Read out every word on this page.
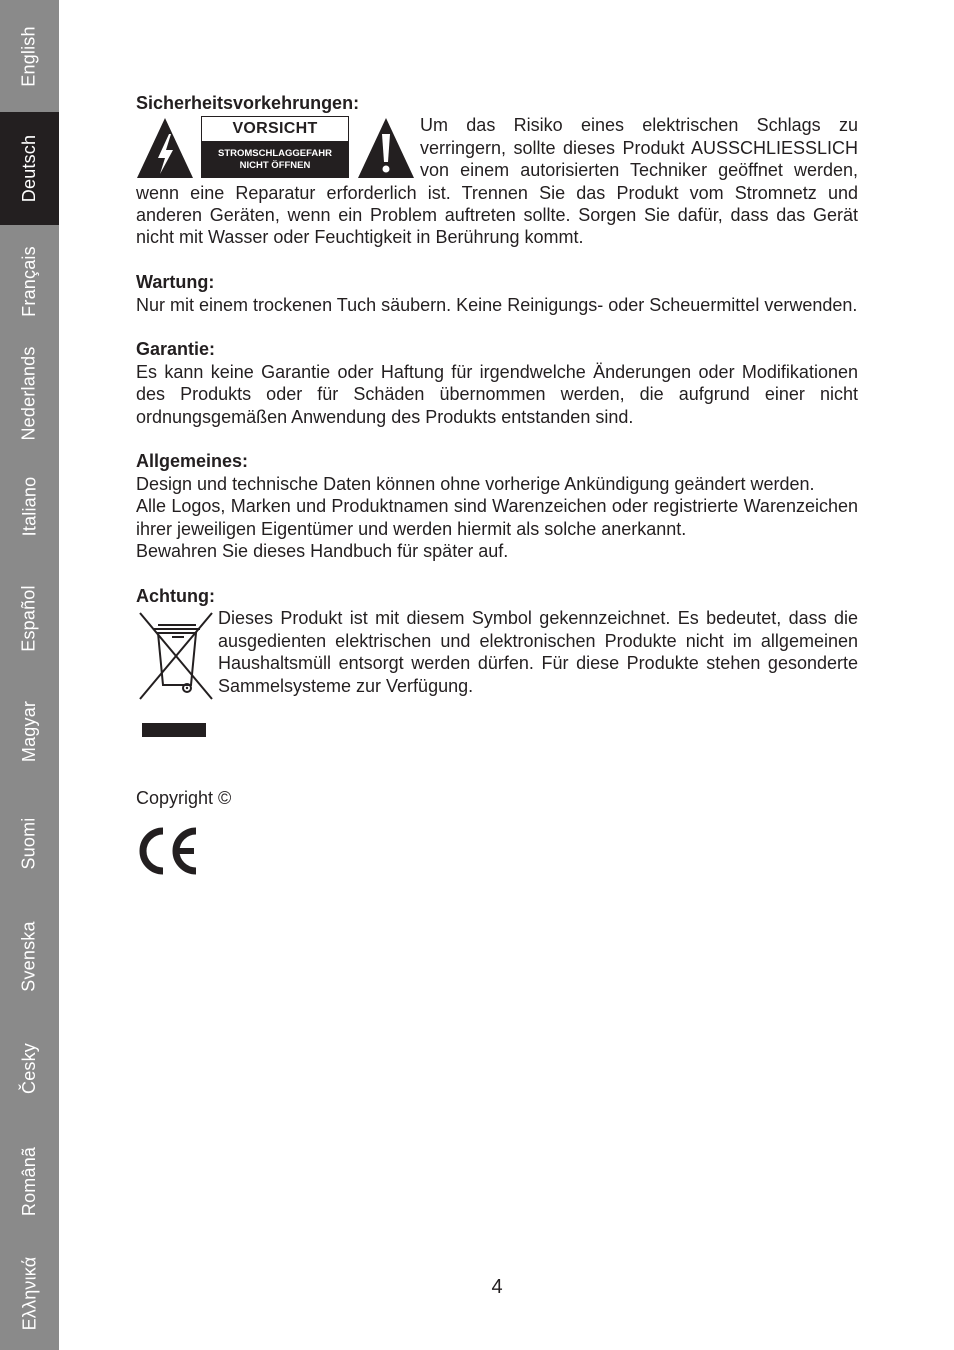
English
Deutsch
Français
Nederlands
Italiano
Español
Magyar
Suomi
Svenska
Česky
Românã
Ελληνικά

Sicherheitsvorkehrungen:

VORSICHT
STROMSCHLAGGEFAHR
NICHT ÖFFNEN

Um das Risiko eines elektrischen Schlags zu verringern, sollte dieses Produkt AUSSCHLIESSLICH von einem autorisierten Techniker geöffnet werden, wenn eine Reparatur erforderlich ist. Trennen Sie das Produkt vom Stromnetz und anderen Geräten, wenn ein Problem auftreten sollte. Sorgen Sie dafür, dass das Gerät nicht mit Wasser oder Feuchtigkeit in Berührung kommt.

Wartung:

Nur mit einem trockenen Tuch säubern. Keine Reinigungs- oder Scheuermittel verwenden.

Garantie:

Es kann keine Garantie oder Haftung für irgendwelche Änderungen oder Modifikationen des Produkts oder für Schäden übernommen werden, die aufgrund einer nicht ordnungsgemäßen Anwendung des Produkts entstanden sind.

Allgemeines:

Design und technische Daten können ohne vorherige Ankündigung geändert werden.

Alle Logos, Marken und Produktnamen sind Warenzeichen oder registrierte Warenzeichen ihrer jeweiligen Eigentümer und werden hiermit als solche anerkannt.

Bewahren Sie dieses Handbuch für später auf.

Achtung:

Dieses Produkt ist mit diesem Symbol gekennzeichnet. Es bedeutet, dass die ausgedienten elektrischen und elektronischen Produkte nicht im allgemeinen Haushaltsmüll entsorgt werden dürfen. Für diese Produkte stehen gesonderte Sammelsysteme zur Verfügung.

Copyright ©
4
